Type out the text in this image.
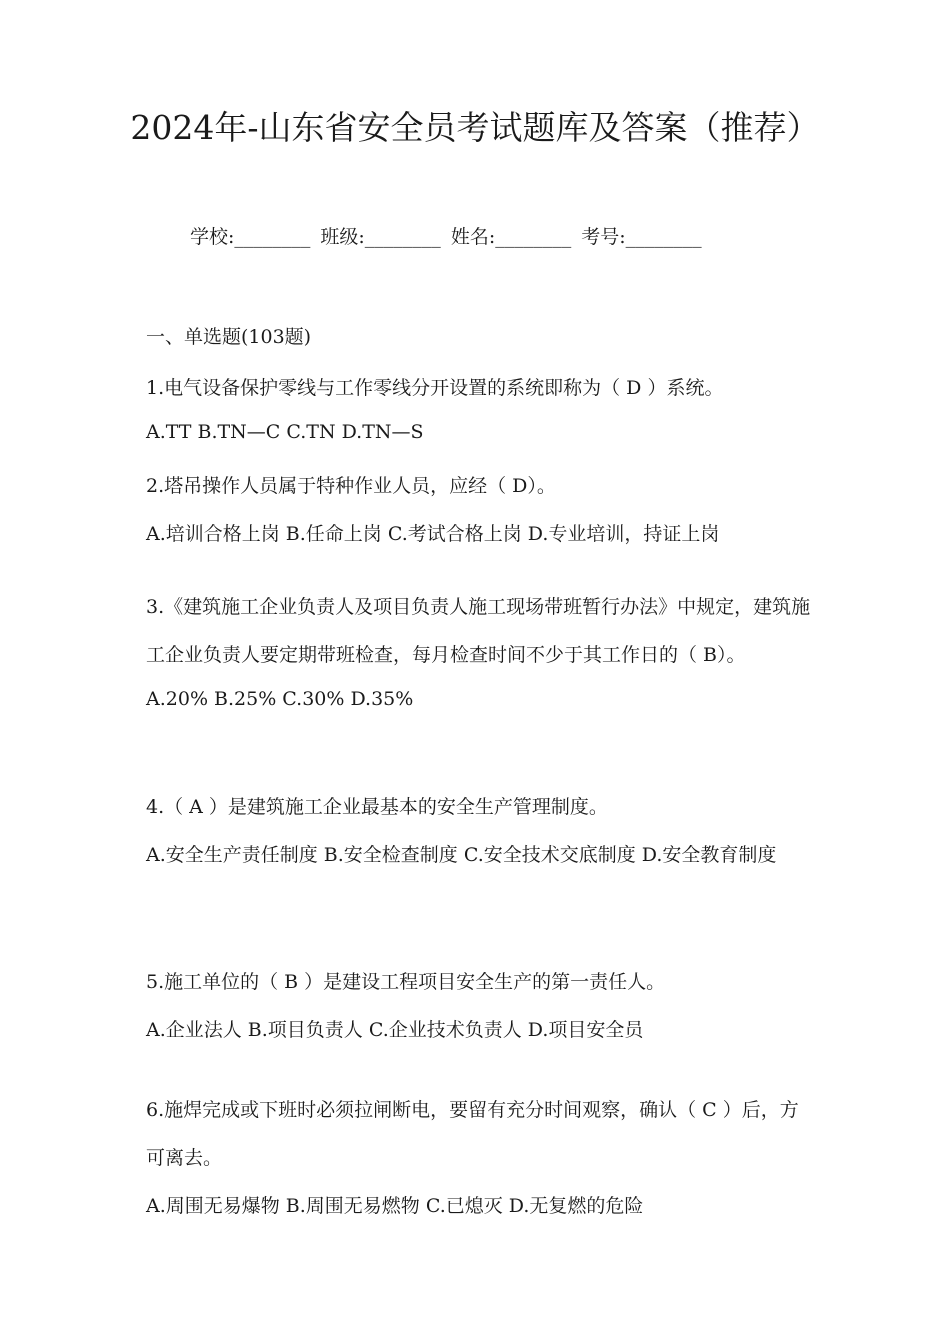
2024年-山东省安全员考试题库及答案（推荐）
学校:________ 班级:________ 姓名:________ 考号:________
一、单选题(103题)
1.电气设备保护零线与工作零线分开设置的系统即称为（ D ）系统。
A.TT B.TN—C C.TN D.TN—S
2.塔吊操作人员属于特种作业人员，应经（ D）。
A.培训合格上岗 B.任命上岗 C.考试合格上岗 D.专业培训，持证上岗
3.《建筑施工企业负责人及项目负责人施工现场带班暂行办法》中规定，建筑施工企业负责人要定期带班检查，每月检查时间不少于其工作日的（ B）。
A.20% B.25% C.30% D.35%
4.（ A ）是建筑施工企业最基本的安全生产管理制度。
A.安全生产责任制度 B.安全检查制度 C.安全技术交底制度 D.安全教育制度
5.施工单位的（ B ）是建设工程项目安全生产的第一责任人。
A.企业法人 B.项目负责人 C.企业技术负责人 D.项目安全员
6.施焊完成或下班时必须拉闸断电，要留有充分时间观察，确认（ C ）后，方可离去。
A.周围无易爆物 B.周围无易燃物 C.已熄灭 D.无复燃的危险
